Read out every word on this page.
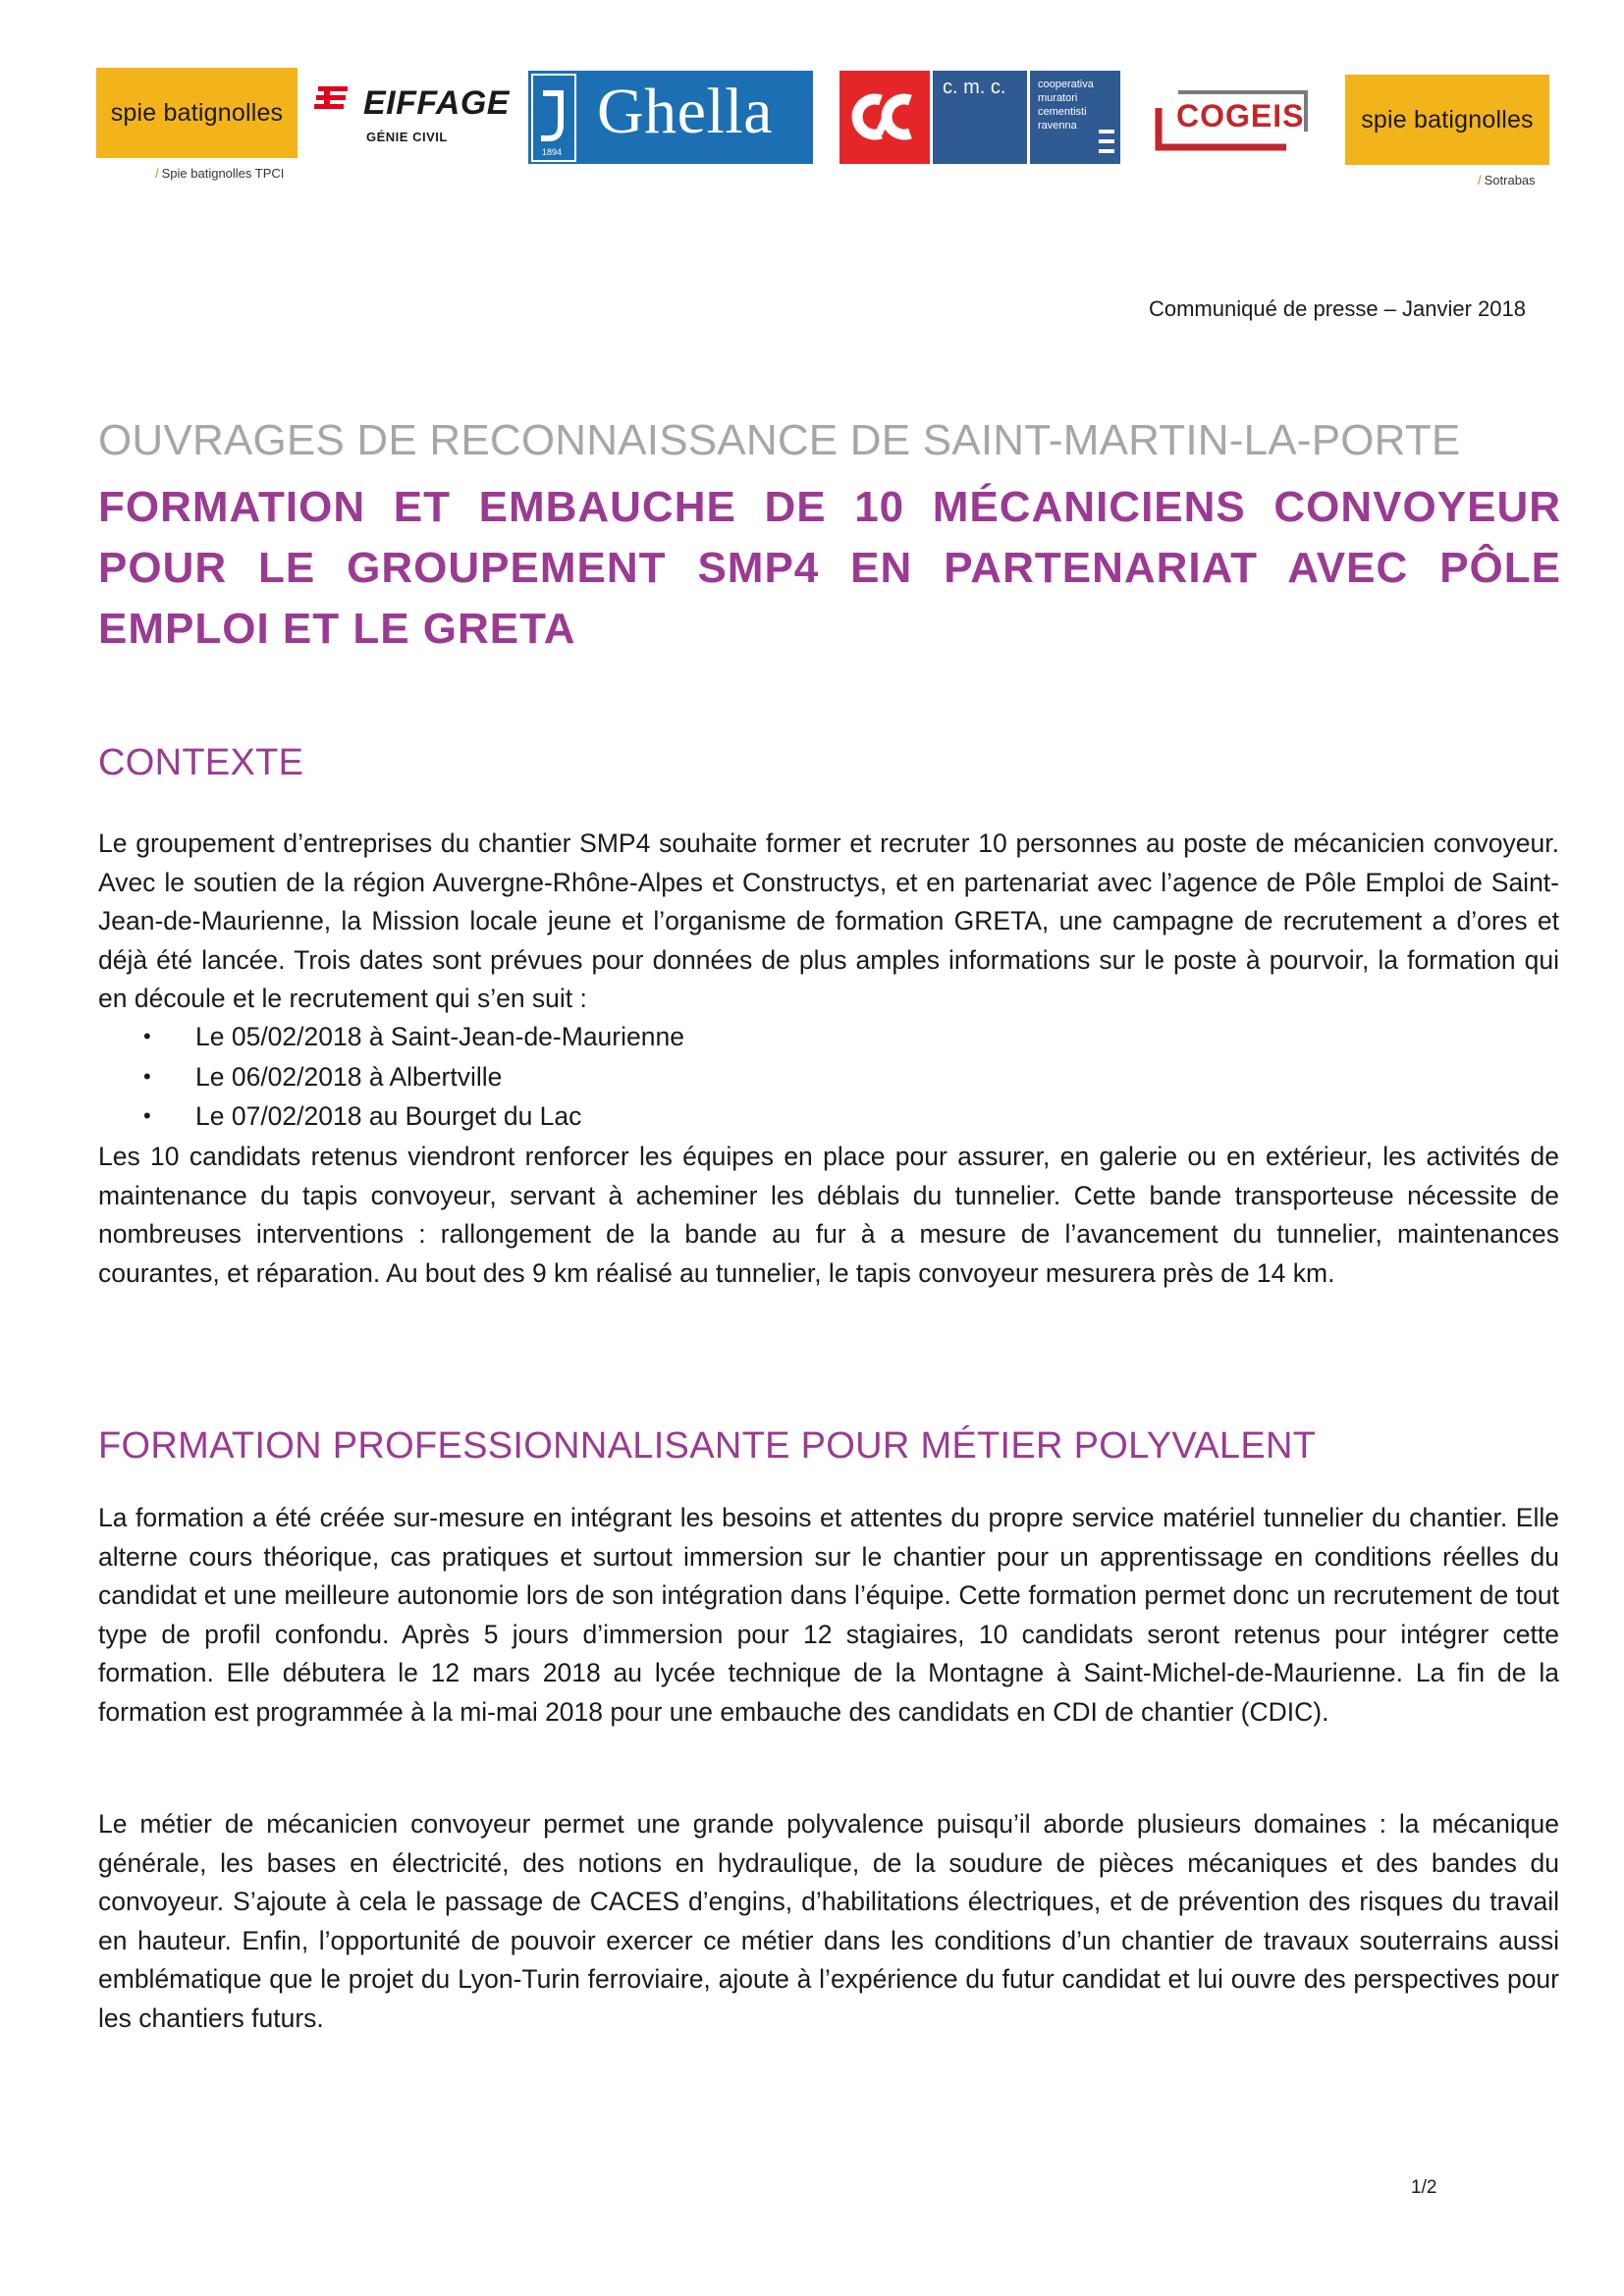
spie batignolles
/ Spie batignolles TPCI
EIFFAGE
GÉNIE CIVIL
1894
Ghella	c. m. c.	cooperativa
muratori
cementisti
ravenna	COGEIS spie batignolles
/ Sotrabas
Communiqué de presse – Janvier 2018
OUVRAGES DE RECONNAISSANCE DE SAINT-MARTIN-LA-PORTE
FORMATION ET EMBAUCHE DE 10 MÉCANICIENS CONVOYEUR POUR LE GROUPEMENT SMP4 EN PARTENARIAT AVEC PÔLE EMPLOI ET LE GRETA
CONTEXTE
Le groupement d’entreprises du chantier SMP4 souhaite former et recruter 10 personnes au poste de mécanicien convoyeur. Avec le soutien de la région Auvergne-Rhône-Alpes et Constructys, et en partenariat avec l’agence de Pôle Emploi de Saint-Jean-de-Maurienne, la Mission locale jeune et l’organisme de formation GRETA, une campagne de recrutement a d’ores et déjà été lancée. Trois dates sont prévues pour données de plus amples informations sur le poste à pourvoir, la formation qui en découle et le recrutement qui s’en suit :
• Le 05/02/2018 à Saint-Jean-de-Maurienne
• Le 06/02/2018 à Albertville
• Le 07/02/2018 au Bourget du Lac
Les 10 candidats retenus viendront renforcer les équipes en place pour assurer, en galerie ou en extérieur, les activités de maintenance du tapis convoyeur, servant à acheminer les déblais du tunnelier. Cette bande transporteuse nécessite de nombreuses interventions : rallongement de la bande au fur à a mesure de l’avancement du tunnelier, maintenances courantes, et réparation. Au bout des 9 km réalisé au tunnelier, le tapis convoyeur mesurera près de 14 km.
FORMATION PROFESSIONNALISANTE POUR MÉTIER POLYVALENT
La formation a été créée sur-mesure en intégrant les besoins et attentes du propre service matériel tunnelier du chantier. Elle alterne cours théorique, cas pratiques et surtout immersion sur le chantier pour un apprentissage en conditions réelles du candidat et une meilleure autonomie lors de son intégration dans l’équipe. Cette formation permet donc un recrutement de tout type de profil confondu. Après 5 jours d’immersion pour 12 stagiaires, 10 candidats seront retenus pour intégrer cette formation. Elle débutera le 12 mars 2018 au lycée technique de la Montagne à Saint-Michel-de-Maurienne. La fin de la formation est programmée à la mi-mai 2018 pour une embauche des candidats en CDI de chantier (CDIC).
Le métier de mécanicien convoyeur permet une grande polyvalence puisqu’il aborde plusieurs domaines : la mécanique générale, les bases en électricité, des notions en hydraulique, de la soudure de pièces mécaniques et des bandes du convoyeur. S’ajoute à cela le passage de CACES d’engins, d’habilitations électriques, et de prévention des risques du travail en hauteur. Enfin, l’opportunité de pouvoir exercer ce métier dans les conditions d’un chantier de travaux souterrains aussi emblématique que le projet du Lyon-Turin ferroviaire, ajoute à l’expérience du futur candidat et lui ouvre des perspectives pour les chantiers futurs.
1/2
